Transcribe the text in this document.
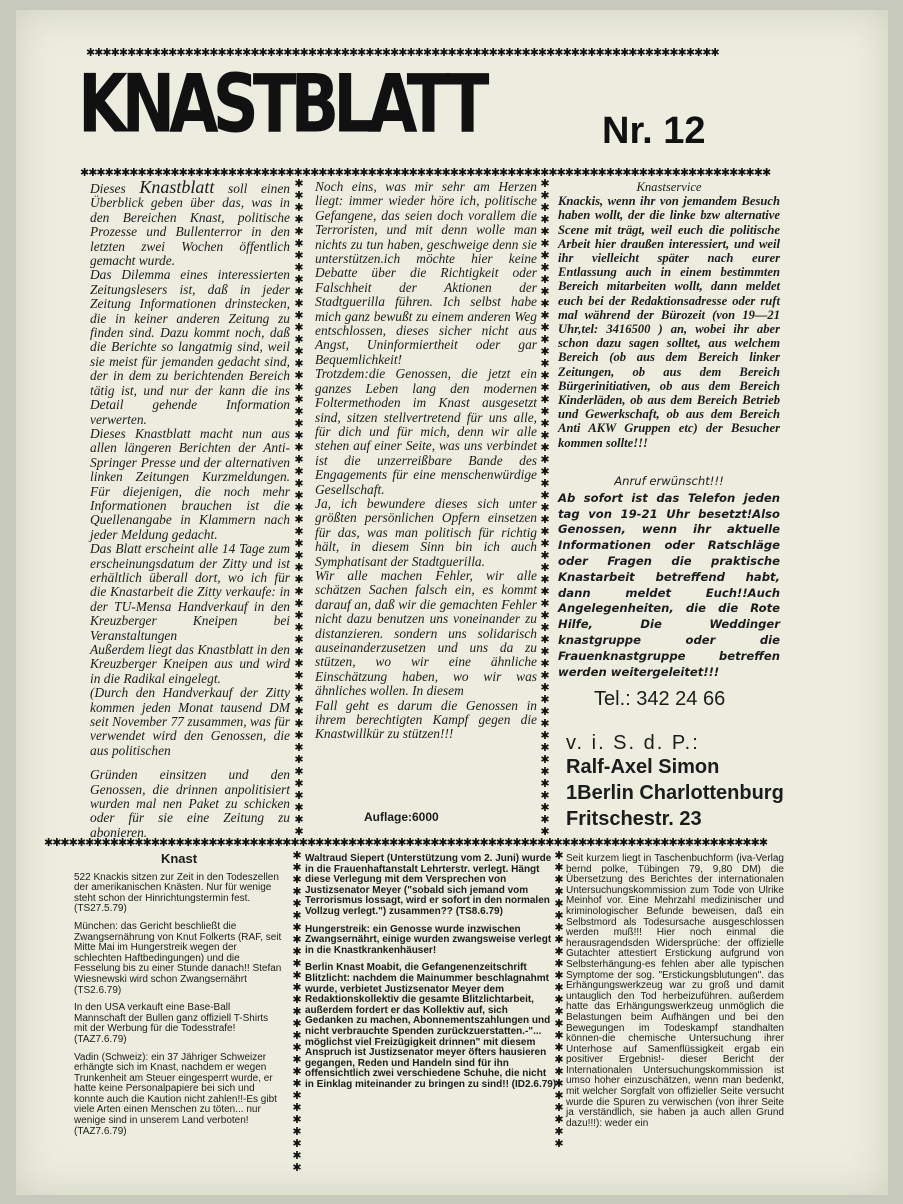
✱✱✱✱✱✱✱✱✱✱✱✱✱✱✱✱✱✱✱✱✱✱✱✱✱✱✱✱✱✱✱✱✱✱✱✱✱✱✱✱✱✱✱✱✱✱✱✱✱✱✱✱✱✱✱✱✱✱✱✱✱✱✱✱✱✱✱✱✱✱✱✱✱✱✱✱✱
✱✱✱✱✱✱✱✱✱✱✱✱✱✱✱✱✱✱✱✱✱✱✱✱✱✱✱✱✱✱✱✱✱✱✱✱✱✱✱✱✱✱✱✱✱✱✱✱✱✱✱✱✱✱✱✱✱✱✱✱✱✱✱✱✱✱✱✱✱✱✱✱✱✱✱✱✱✱✱✱✱✱✱✱
✱✱✱✱✱✱✱✱✱✱✱✱✱✱✱✱✱✱✱✱✱✱✱✱✱✱✱✱✱✱✱✱✱✱✱✱✱✱✱✱✱✱✱✱✱✱✱✱✱✱✱✱✱✱✱✱✱✱✱✱✱✱✱✱✱✱✱✱✱✱✱✱✱✱✱✱✱✱✱✱✱✱✱✱✱✱✱✱
✱✱✱✱✱✱✱✱✱✱✱✱✱✱✱✱✱✱✱✱✱✱✱✱✱✱✱✱✱✱✱✱✱✱✱✱✱✱✱✱✱✱✱✱✱✱✱✱✱✱✱✱✱✱✱
✱✱✱✱✱✱✱✱✱✱✱✱✱✱✱✱✱✱✱✱✱✱✱✱✱✱✱✱✱✱✱✱✱✱✱✱✱✱✱✱✱✱✱✱✱✱✱✱✱✱✱✱✱✱✱
✱✱✱✱✱✱✱✱✱✱✱✱✱✱✱✱✱✱✱✱✱✱✱✱✱✱✱
✱✱✱✱✱✱✱✱✱✱✱✱✱✱✱✱✱✱✱✱✱✱✱✱✱
KNASTBLATT	Nr. 12

Dieses Knastblatt soll einen Überblick geben über das, was in den Bereichen Knast, politische Prozesse und Bullenterror in den letzten zwei Wochen öffentlich gemacht wurde.

Das Dilemma eines interessierten Zeitungslesers ist, daß in jeder Zeitung Informationen drinstecken, die in keiner anderen Zeitung zu finden sind. Dazu kommt noch, daß die Berichte so langatmig sind, weil sie meist für jemanden gedacht sind, der in dem zu berichtenden Bereich tätig ist, und nur der kann die ins Detail gehende Information verwerten.

Dieses Knastblatt macht nun aus allen längeren Berichten der Anti-Springer Presse und der alternativen linken Zeitungen Kurzmeldungen. Für diejenigen, die noch mehr Informationen brauchen ist die Quellenangabe in Klammern nach jeder Meldung gedacht.

Das Blatt erscheint alle 14 Tage zum erscheinungsdatum der Zitty und ist erhältlich überall dort, wo ich für die Knastarbeit die Zitty verkaufe: in der TU-Mensa Handverkauf in den Kreuzberger Kneipen bei Veranstaltungen

Außerdem liegt das Knastblatt in den Kreuzberger Kneipen aus und wird in die Radikal eingelegt.

(Durch den Handverkauf der Zitty kommen jeden Monat tausend DM seit November 77 zusammen, was für verwendet wird den Genossen, die aus politischen

Gründen einsitzen und den Genossen, die drinnen anpolitisiert wurden mal nen Paket zu schicken oder für sie eine Zeitung zu abonieren.

Noch eins, was mir sehr am Herzen liegt: immer wieder höre ich, politische Gefangene, das seien doch vorallem die Terroristen, und mit denn wolle man nichts zu tun haben, geschweige denn sie unterstützen.ich möchte hier keine Debatte über die Richtigkeit oder Falschheit der Aktionen der Stadtguerilla führen. Ich selbst habe mich ganz bewußt zu einem anderen Weg entschlossen, dieses sicher nicht aus Angst, Uninformiertheit oder gar Bequemlichkeit!

Trotzdem:die Genossen, die jetzt ein ganzes Leben lang den modernen Foltermethoden im Knast ausgesetzt sind, sitzen stellvertretend für uns alle, für dich und für mich, denn wir alle stehen auf einer Seite, was uns verbindet ist die unzerreißbare Bande des Engagements für eine menschenwürdige Gesellschaft.

Ja, ich bewundere dieses sich unter größten persönlichen Opfern einsetzen für das, was man politisch für richtig hält, in diesem Sinn bin ich auch Symphatisant der Stadtguerilla.

Wir alle machen Fehler, wir alle schätzen Sachen falsch ein, es kommt darauf an, daß wir die gemachten Fehler nicht dazu benutzen uns voneinander zu distanzieren. sondern uns solidarisch auseinanderzusetzen und uns da zu stützen, wo wir eine ähnliche Einschätzung haben, wo wir was ähnliches wollen. In diesem

Fall geht es darum die Genossen in ihrem berechtigten Kampf gegen die Knastwillkür zu stützen!!!

Auflage:6000

Knastservice

Knackis, wenn ihr von jemandem Besuch haben wollt, der die linke bzw alternative Scene mit trägt, weil euch die politische Arbeit hier draußen interessiert, und weil ihr vielleicht später nach eurer Entlassung auch in einem bestimmten Bereich mitarbeiten wollt, dann meldet euch bei der Redaktionsadresse oder ruft mal während der Bürozeit (von 19—21 Uhr,tel: 3416500 ) an, wobei ihr aber schon dazu sagen solltet, aus welchem Bereich (ob aus dem Bereich linker Zeitungen, ob aus dem Bereich Bürgerinitiativen, ob aus dem Bereich Kinderläden, ob aus dem Bereich Betrieb und Gewerkschaft, ob aus dem Bereich Anti AKW Gruppen etc) der Besucher kommen sollte!!!

Anruf erwünscht!!!

Ab sofort ist das Telefon jeden tag von 19-21 Uhr besetzt!Also Genossen, wenn ihr aktuelle Informationen oder Ratschläge oder Fragen die praktische Knastarbeit betreffend habt, dann meldet Euch!!Auch Angelegenheiten, die die Rote Hilfe, Die Weddinger knastgruppe oder die Frauenknastgruppe betreffen werden weitergeleitet!!!

Tel.: 342 24 66
v. i. S. d. P.:
Ralf-Axel Simon
1Berlin Charlottenburg
Fritschestr. 23
Knast

522 Knackis sitzen zur Zeit in den Todeszellen der amerikanischen Knästen. Nur für wenige steht schon der Hinrichtungstermin fest. (TS27.5.79)

München: das Gericht beschließt die Zwangsernährung von Knut Folkerts (RAF, seit Mitte Mai im Hungerstreik wegen der schlechten Haftbedingungen) und die Fesselung bis zu einer Stunde danach!! Stefan Wiesnewski wird schon Zwangsernährt (TS2.6.79)

In den USA verkauft eine Base-Ball Mannschaft der Bullen ganz offiziell T-Shirts mit der Werbung für die Todesstrafe! (TAZ7.6.79)

Vadin (Schweiz): ein 37 Jähriger Schweizer erhängte sich im Knast, nachdem er wegen Trunkenheit am Steuer eingesperrt wurde, er hatte keine Personalpapiere bei sich und konnte auch die Kaution nicht zahlen!!-Es gibt viele Arten einen Menschen zu töten... nur wenige sind in unserem Land verboten! (TAZ7.6.79)

Waltraud Siepert (Unterstützung vom 2. Juni) wurde in die Frauenhaftanstalt Lehrterstr. verlegt. Hängt diese Verlegung mit dem Versprechen von Justizsenator Meyer ("sobald sich jemand vom Terrorismus lossagt, wird er sofort in den normalen Vollzug verlegt.") zusammen?? (TS8.6.79)

Hungerstreik: ein Genosse wurde inzwischen Zwangsernährt, einige wurden zwangsweise verlegt in die Knastkrankenhäuser!

Berlin Knast Moabit, die Gefangenenzeitschrift Blitzlicht: nachdem die Mainummer beschlagnahmt wurde, verbietet Justizsenator Meyer dem Redaktionskollektiv die gesamte Blitzlichtarbeit, außerdem fordert er das Kollektiv auf, sich Gedanken zu machen, Abonnementszahlungen und nicht verbrauchte Spenden zurückzuerstatten.-"... möglichst viel Freizügigkeit drinnen" mit diesem Anspruch ist Justizsenator meyer öfters hausieren gegangen, Reden und Handeln sind für ihn offensichtlich zwei verschiedene Schuhe, die nicht in Einklag miteinander zu bringen zu sind!! (ID2.6.79)

Seit kurzem liegt in Taschenbuchform (iva-Verlag bernd polke, Tübingen 79, 9,80 DM) die Übersetzung des Berichtes der internationalen Untersuchungskommission zum Tode von Ulrike Meinhof vor. Eine Mehrzahl medizinischer und kriminologischer Befunde beweisen, daß ein Selbstmord als Todesursache ausgeschlossen werden muß!!! Hier noch einmal die herausragendsden Widersprüche: der offizielle Gutachter attestiert Erstickung aufgrund von Selbsterhängung-es fehlen aber alle typischen Symptome der sog. "Erstickungsblutungen". das Erhängungswerkzeug war zu groß und damit untauglich den Tod herbeizuführen. außerdem hatte das Erhängungswerkzeug unmöglich die Belastungen beim Aufhängen und bei den Bewegungen im Todeskampf standhalten können-die chemische Untersuchung ihrer Unterhose auf Samenflüssigkeit ergab ein positiver Ergebnis!- dieser Bericht der Internationalen Untersuchungskommission ist umso hoher einzuschätzen, wenn man bedenkt, mit welcher Sorgfalt von offizieller Seite versucht wurde die Spuren zu verwischen (von ihrer Seite ja verständlich, sie haben ja auch allen Grund dazu!!!): weder ein
